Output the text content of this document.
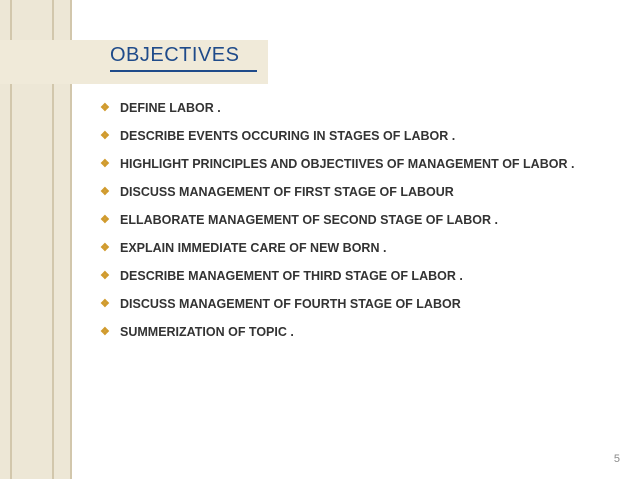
OBJECTIVES
❖ DEFINE LABOR .
❖ DESCRIBE EVENTS OCCURING IN STAGES OF LABOR .
❖ HIGHLIGHT PRINCIPLES AND OBJECTIIVES OF MANAGEMENT OF LABOR .
❖ DISCUSS MANAGEMENT OF FIRST STAGE OF LABOUR
❖ ELLABORATE MANAGEMENT OF SECOND STAGE OF LABOR .
❖ EXPLAIN IMMEDIATE CARE OF NEW BORN .
❖ DESCRIBE MANAGEMENT OF THIRD STAGE OF LABOR .
❖ DISCUSS MANAGEMENT OF FOURTH STAGE OF LABOR
❖ SUMMERIZATION OF TOPIC .
5
